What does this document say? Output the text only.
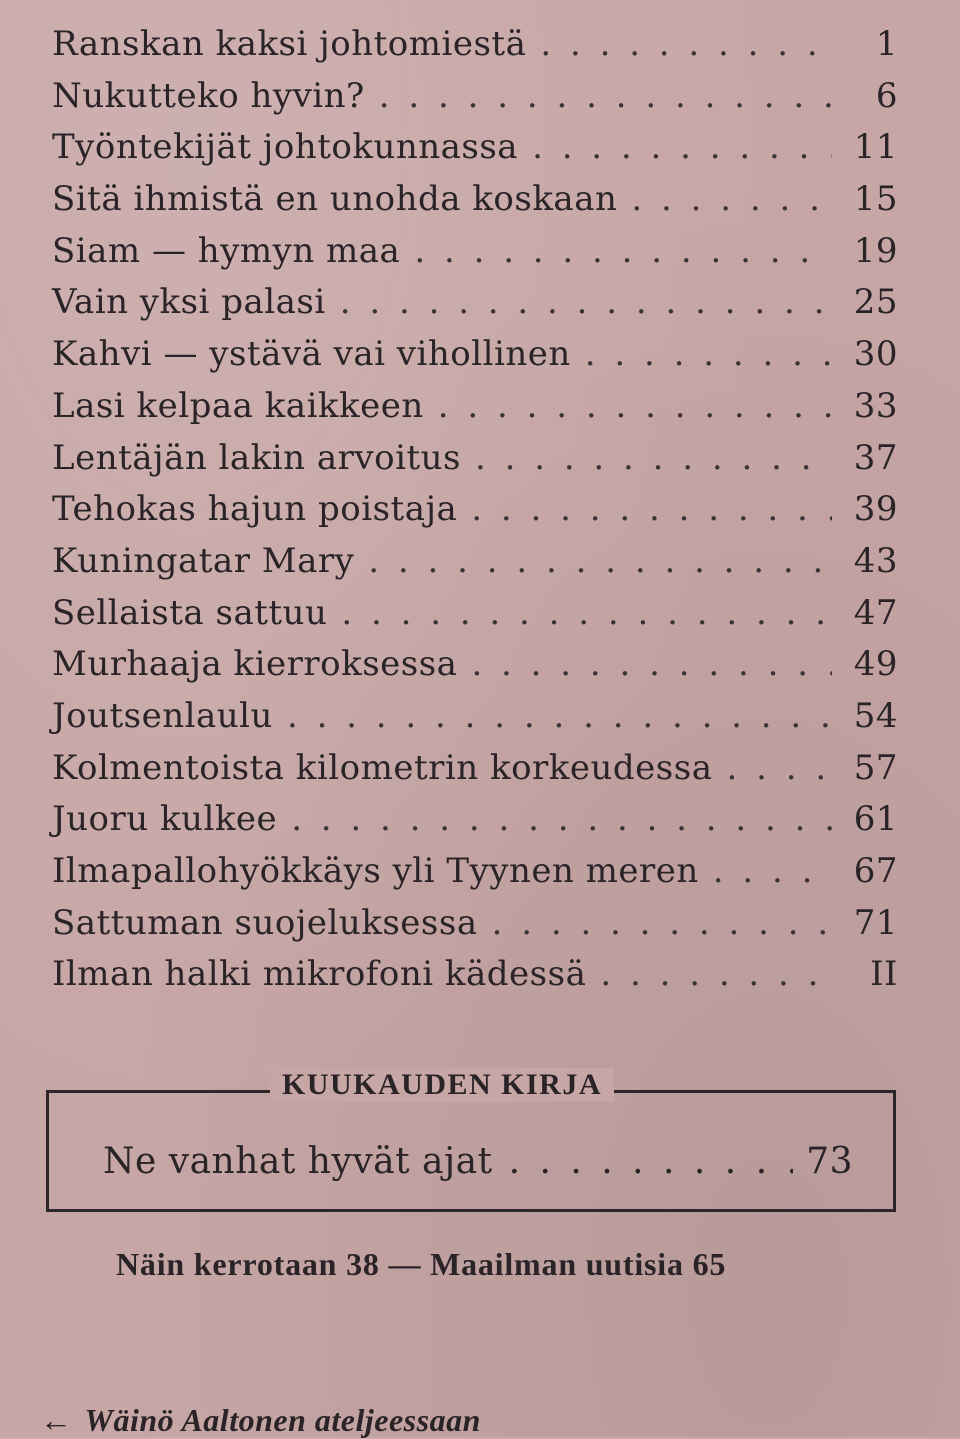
Ranskan kaksi johtomiestä . . .	1
Nukutteko hyvin? . . .	6
Työntekijät johtokunnassa . . .	11
Sitä ihmistä en unohda koskaan . . .	15
Siam — hymyn maa . . .	19
Vain yksi palasi . . .	25
Kahvi — ystävä vai vihollinen . . .	30
Lasi kelpaa kaikkeen . . .	33
Lentäjän lakin arvoitus . . .	37
Tehokas hajun poistaja . . .	39
Kuningatar Mary . . .	43
Sellaista sattuu . . .	47
Murhaaja kierroksessa . . .	49
Joutsenlaulu . . .	54
Kolmentoista kilometrin korkeudessa . . .	57
Juoru kulkee . . .	61
Ilmapallohyökkäys yli Tyynen meren . . .	67
Sattuman suojeluksessa . . .	71
Ilman halki mikrofoni kädessä . . .	II
KUUKAUDEN KIRJA
Ne vanhat hyvät ajat . . .	73
Näin kerrotaan 38 — Maailman uutisia 65
← Wäinö Aaltonen ateljeessaan
